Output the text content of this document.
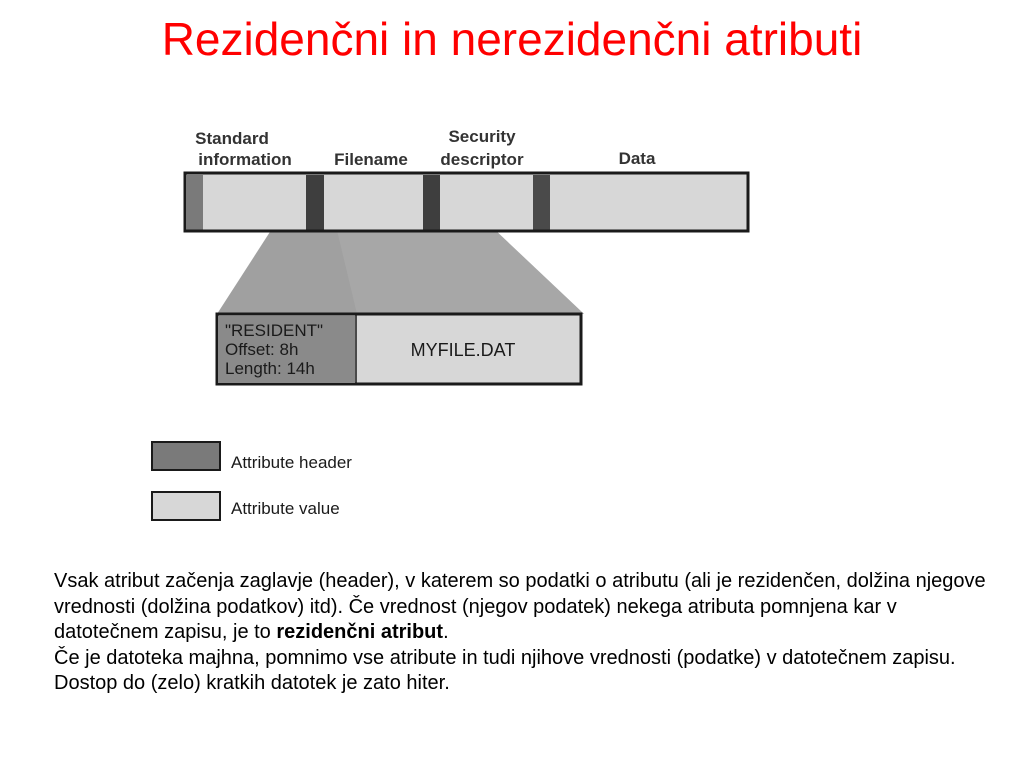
Rezidenčni in nerezidenčni atributi
Standard
information Filename
Security
descriptor	Data
"RESIDENT"
Offset: 8h
Length: 14h
MYFILE.DAT
Attribute header
Attribute value

Vsak atribut začenja zaglavje (header), v katerem so podatki o atributu (ali je rezidenčen, dolžina njegove vrednosti (dolžina podatkov) itd). Če vrednost (njegov podatek) nekega atributa pomnjena kar v datotečnem zapisu, je to rezidenčni atribut.

Če je datoteka majhna, pomnimo vse atribute in tudi njihove vrednosti (podatke) v datotečnem zapisu. Dostop do (zelo) kratkih datotek je zato hiter.
